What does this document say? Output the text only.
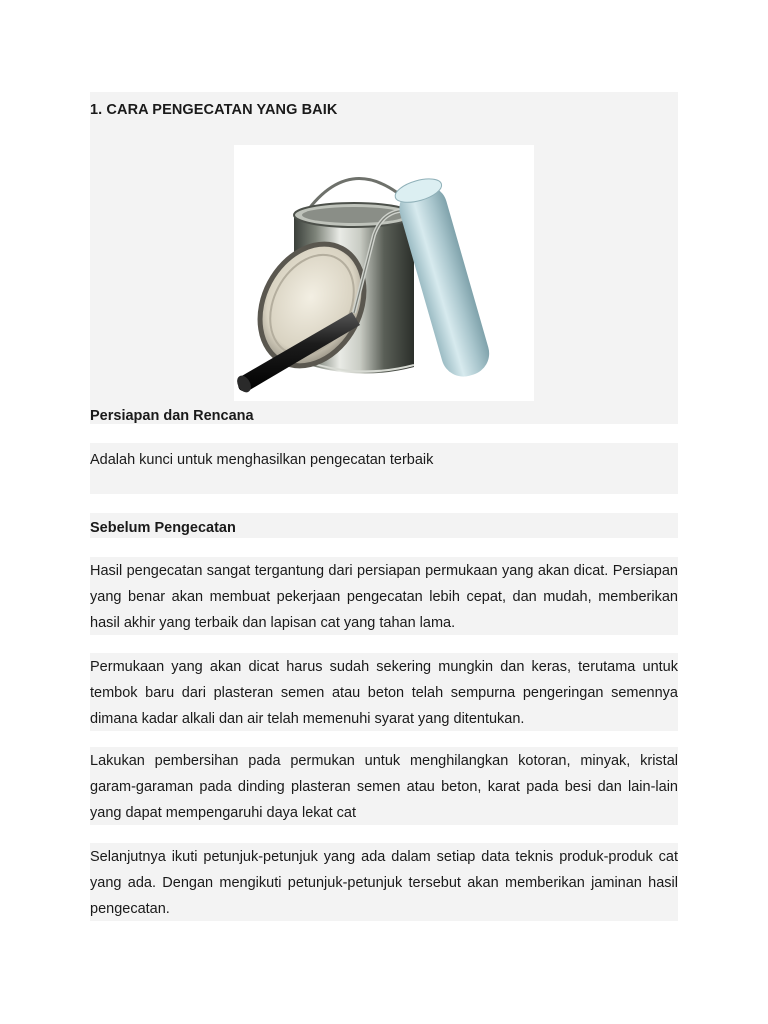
1. CARA PENGECATAN YANG BAIK
Persiapan dan Rencana
Adalah kunci untuk menghasilkan pengecatan terbaik
Sebelum Pengecatan
Hasil pengecatan sangat tergantung dari persiapan permukaan yang akan dicat. Persiapan yang benar akan membuat pekerjaan pengecatan lebih cepat, dan mudah, memberikan hasil akhir yang terbaik dan lapisan cat yang tahan lama.
Permukaan yang akan dicat harus sudah sekering mungkin dan keras, terutama untuk tembok baru dari plasteran semen atau beton telah sempurna pengeringan semennya dimana kadar alkali dan air telah memenuhi syarat yang ditentukan.
Lakukan pembersihan pada permukan untuk menghilangkan kotoran, minyak, kristal garam-garaman pada dinding plasteran semen atau beton, karat pada besi dan lain-lain yang dapat mempengaruhi daya lekat cat
Selanjutnya ikuti petunjuk-petunjuk yang ada dalam setiap data teknis produk-produk cat yang ada. Dengan mengikuti petunjuk-petunjuk tersebut akan memberikan jaminan hasil pengecatan.
